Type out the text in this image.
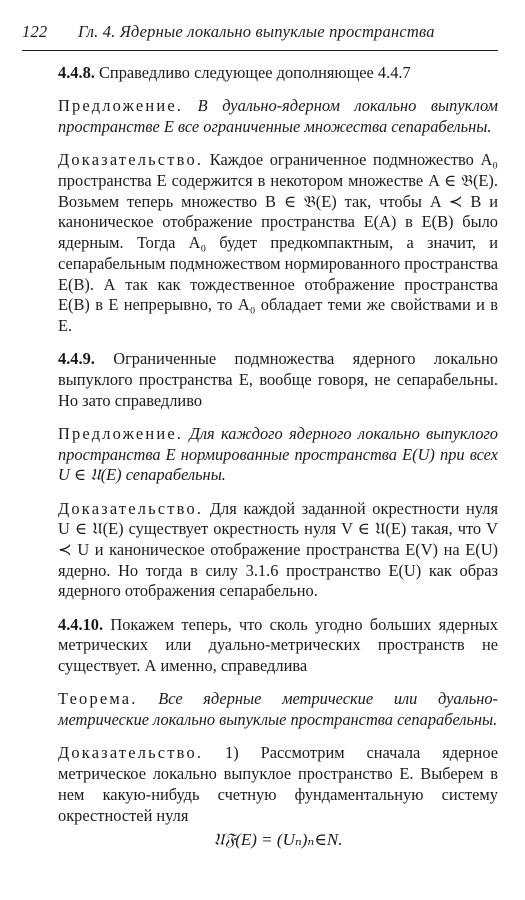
122	Гл. 4. Ядерные локально выпуклые пространства

4.4.8. Справедливо следующее дополняющее 4.4.7

Предложение. В дуально-ядерном локально выпуклом пространстве E все ограниченные множества сепарабельны.

Доказательство. Каждое ограниченное подмножество A₀ пространства E содержится в некотором множестве A ∈ 𝔅(E). Возьмем теперь множество B ∈ 𝔅(E) так, чтобы A ≺ B и каноническое отображение пространства E(A) в E(B) было ядерным. Тогда A₀ будет предкомпактным, а значит, и сепарабельным подмножеством нормированного пространства E(B). А так как тождественное отображение пространства E(B) в E непрерывно, то A₀ обладает теми же свойствами и в E.

4.4.9. Ограниченные подмножества ядерного локально выпуклого пространства E, вообще говоря, не сепарабельны. Но зато справедливо

Предложение. Для каждого ядерного локально выпуклого пространства E нормированные пространства E(U) при всех U ∈ 𝔘(E) сепарабельны.

Доказательство. Для каждой заданной окрестности нуля U ∈ 𝔘(E) существует окрестность нуля V ∈ 𝔘(E) такая, что V ≺ U и каноническое отображение пространства E(V) на E(U) ядерно. Но тогда в силу 3.1.6 пространство E(U) как образ ядерного отображения сепарабельно.

4.4.10. Покажем теперь, что сколь угодно больших ядерных метрических или дуально-метрических пространств не существует. А именно, справедлива

Теорема. Все ядерные метрические или дуально-метрические локально выпуклые пространства сепарабельны.

Доказательство. 1) Рассмотрим сначала ядерное метрическое локально выпуклое пространство E. Выберем в нем какую-нибудь счетную фундаментальную систему окрестностей нуля

𝔘𝔉(E) = (Uₙ)ₙ∈N.
